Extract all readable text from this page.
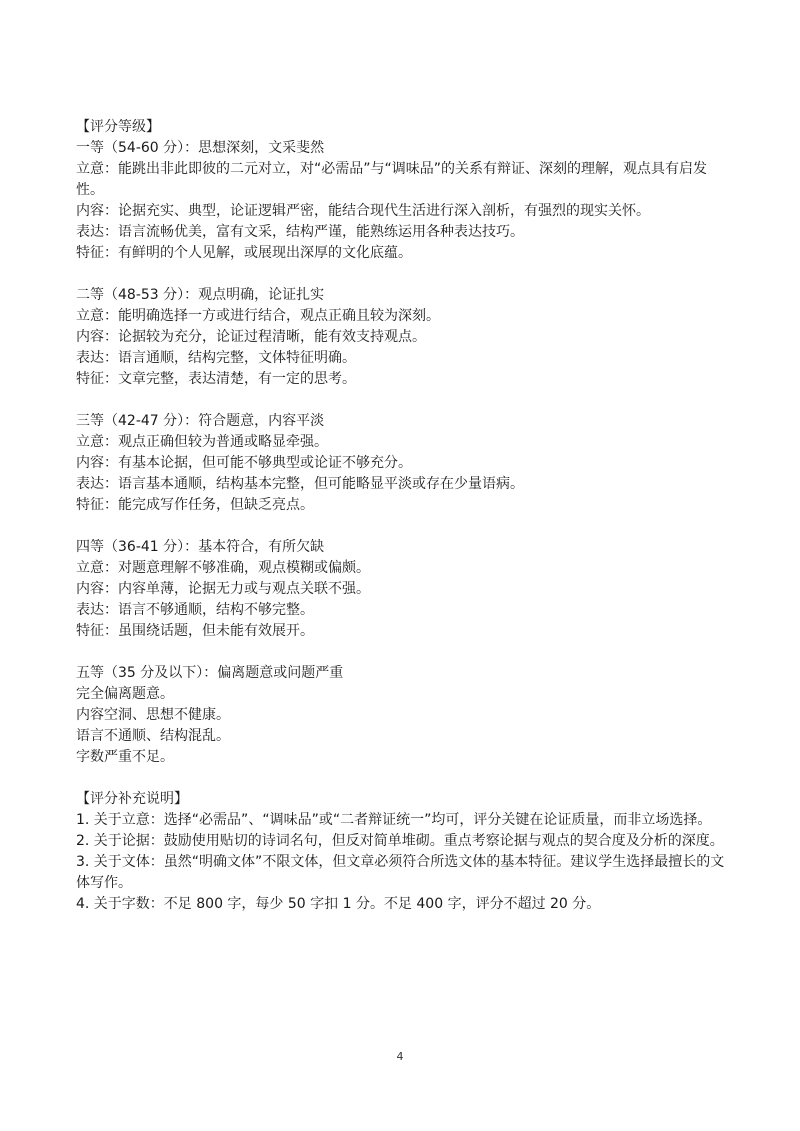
【评分等级】
一等（54-60 分）：思想深刻，文采斐然
立意：能跳出非此即彼的二元对立，对“必需品”与“调味品”的关系有辩证、深刻的理解，观点具有启发性。
内容：论据充实、典型，论证逻辑严密，能结合现代生活进行深入剖析，有强烈的现实关怀。
表达：语言流畅优美，富有文采，结构严谨，能熟练运用各种表达技巧。
特征：有鲜明的个人见解，或展现出深厚的文化底蕴。
二等（48-53 分）：观点明确，论证扎实
立意：能明确选择一方或进行结合，观点正确且较为深刻。
内容：论据较为充分，论证过程清晰，能有效支持观点。
表达：语言通顺，结构完整，文体特征明确。
特征：文章完整，表达清楚，有一定的思考。
三等（42-47 分）：符合题意，内容平淡
立意：观点正确但较为普通或略显牵强。
内容：有基本论据，但可能不够典型或论证不够充分。
表达：语言基本通顺，结构基本完整，但可能略显平淡或存在少量语病。
特征：能完成写作任务，但缺乏亮点。
四等（36-41 分）：基本符合，有所欠缺
立意：对题意理解不够准确，观点模糊或偏颇。
内容：内容单薄，论据无力或与观点关联不强。
表达：语言不够通顺，结构不够完整。
特征：虽围绕话题，但未能有效展开。
五等（35 分及以下）：偏离题意或问题严重
完全偏离题意。
内容空洞、思想不健康。
语言不通顺、结构混乱。
字数严重不足。
【评分补充说明】
1. 关于立意：选择“必需品”、“调味品”或“二者辩证统一”均可，评分关键在论证质量，而非立场选择。
2. 关于论据：鼓励使用贴切的诗词名句，但反对简单堆砌。重点考察论据与观点的契合度及分析的深度。
3. 关于文体：虽然“明确文体”不限文体，但文章必须符合所选文体的基本特征。建议学生选择最擅长的文体写作。
4. 关于字数：不足 800 字，每少 50 字扣 1 分。不足 400 字，评分不超过 20 分。
4
